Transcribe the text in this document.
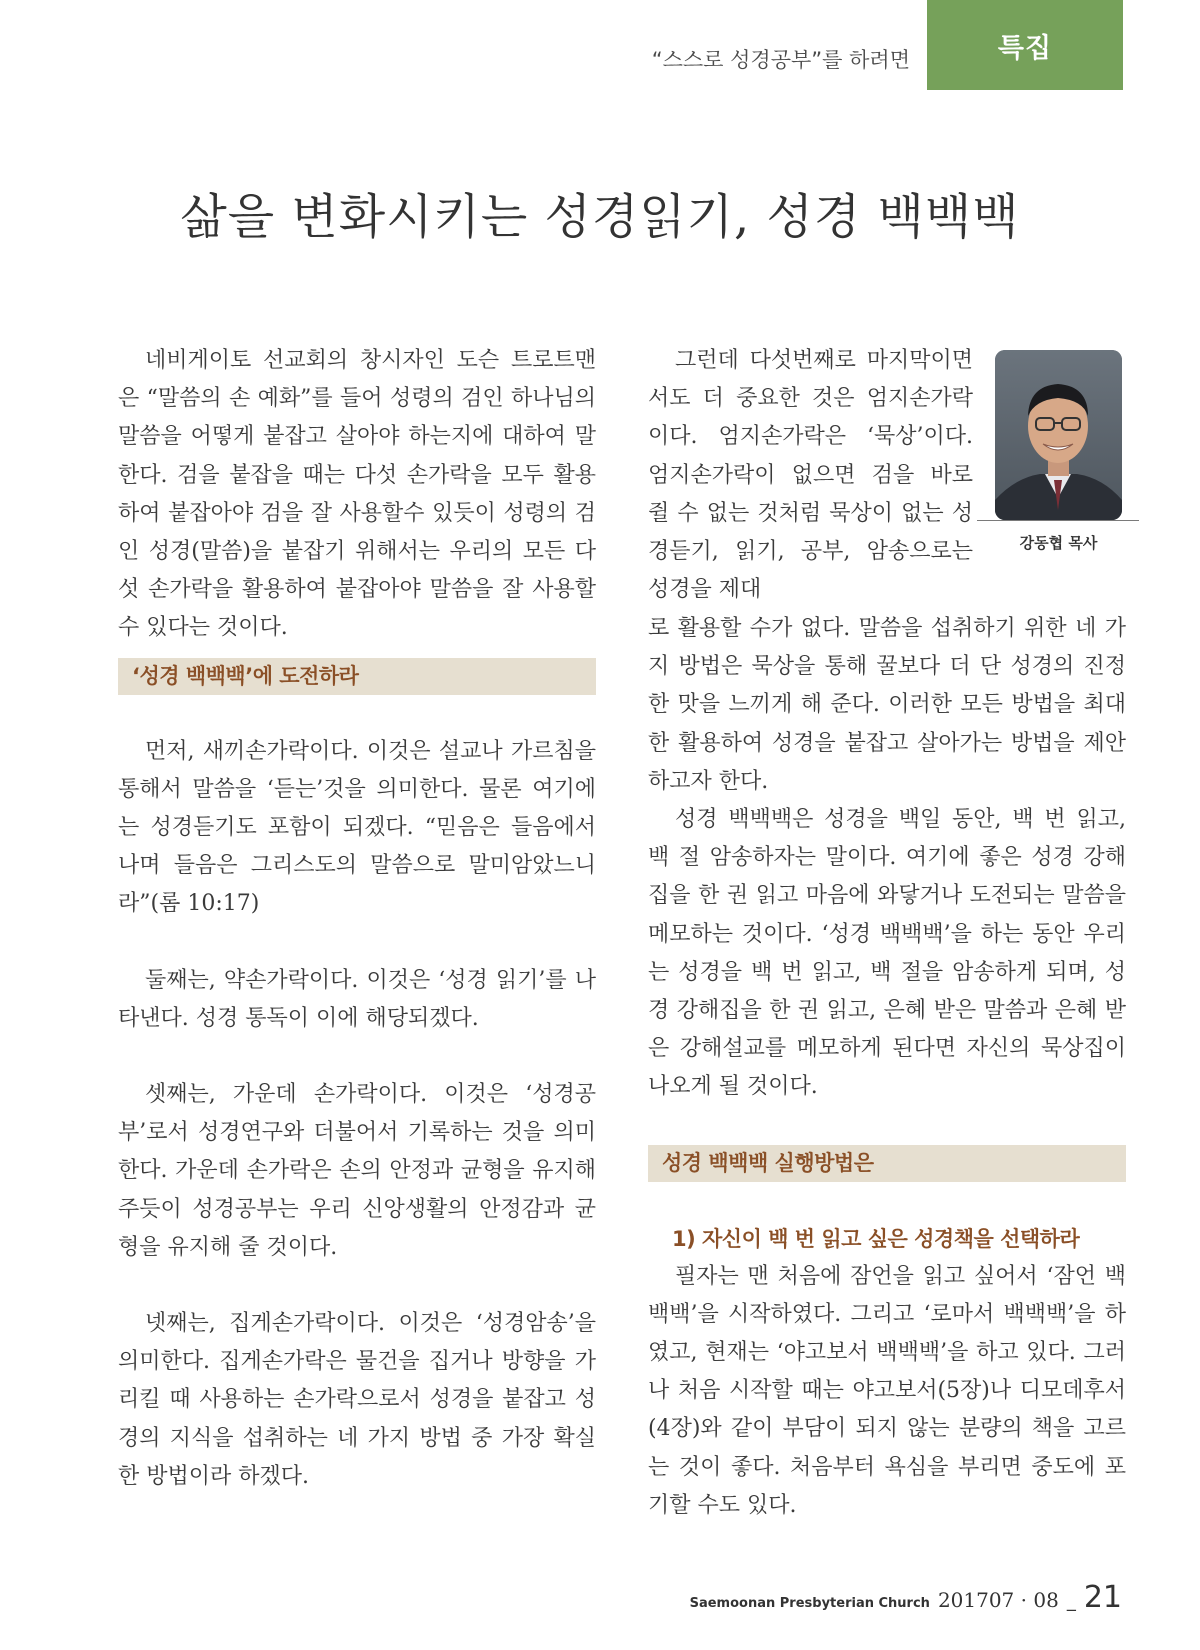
“스스로 성경공부”를 하려면	특집
삶을 변화시키는 성경읽기, 성경 백백백

네비게이토 선교회의 창시자인 도슨 트로트맨은 “말씀의 손 예화”를 들어 성령의 검인 하나님의 말씀을 어떻게 붙잡고 살아야 하는지에 대하여 말한다. 검을 붙잡을 때는 다섯 손가락을 모두 활용하여 붙잡아야 검을 잘 사용할수 있듯이 성령의 검인 성경(말씀)을 붙잡기 위해서는 우리의 모든 다섯 손가락을 활용하여 붙잡아야 말씀을 잘 사용할 수 있다는 것이다.

‘성경 백백백’에 도전하라

먼저, 새끼손가락이다. 이것은 설교나 가르침을 통해서 말씀을 ‘듣는’것을 의미한다. 물론 여기에는 성경듣기도 포함이 되겠다. “믿음은 들음에서 나며 들음은 그리스도의 말씀으로 말미암았느니라”(롬 10:17)

둘째는, 약손가락이다. 이것은 ‘성경 읽기’를 나타낸다. 성경 통독이 이에 해당되겠다.

셋째는, 가운데 손가락이다. 이것은 ‘성경공부’로서 성경연구와 더불어서 기록하는 것을 의미한다. 가운데 손가락은 손의 안정과 균형을 유지해 주듯이 성경공부는 우리 신앙생활의 안정감과 균형을 유지해 줄 것이다.

넷째는, 집게손가락이다. 이것은 ‘성경암송’을 의미한다. 집게손가락은 물건을 집거나 방향을 가리킬 때 사용하는 손가락으로서 성경을 붙잡고 성경의 지식을 섭취하는 네 가지 방법 중 가장 확실한 방법이라 하겠다.

그런데 다섯번째로 마지막이면서도 더 중요한 것은 엄지손가락이다. 엄지손가락은 ‘묵상’이다. 엄지손가락이 없으면 검을 바로 쥘 수 없는 것처럼 묵상이 없는 성경듣기, 읽기, 공부, 암송으로는 성경을 제대

강동협 목사

로 활용할 수가 없다. 말씀을 섭취하기 위한 네 가지 방법은 묵상을 통해 꿀보다 더 단 성경의 진정한 맛을 느끼게 해 준다. 이러한 모든 방법을 최대한 활용하여 성경을 붙잡고 살아가는 방법을 제안하고자 한다.

성경 백백백은 성경을 백일 동안, 백 번 읽고, 백 절 암송하자는 말이다. 여기에 좋은 성경 강해집을 한 권 읽고 마음에 와닿거나 도전되는 말씀을 메모하는 것이다. ‘성경 백백백’을 하는 동안 우리는 성경을 백 번 읽고, 백 절을 암송하게 되며, 성경 강해집을 한 권 읽고, 은혜 받은 말씀과 은혜 받은 강해설교를 메모하게 된다면 자신의 묵상집이 나오게 될 것이다.

성경 백백백 실행방법은
1) 자신이 백 번 읽고 싶은 성경책을 선택하라

필자는 맨 처음에 잠언을 읽고 싶어서 ‘잠언 백백백’을 시작하였다. 그리고 ‘로마서 백백백’을 하였고, 현재는 ‘야고보서 백백백’을 하고 있다. 그러나 처음 시작할 때는 야고보서(5장)나 디모데후서(4장)와 같이 부담이 되지 않는 분량의 책을 고르는 것이 좋다. 처음부터 욕심을 부리면 중도에 포기할 수도 있다.

Saemoonan Presbyterian Church 201707 · 08 _ 21
